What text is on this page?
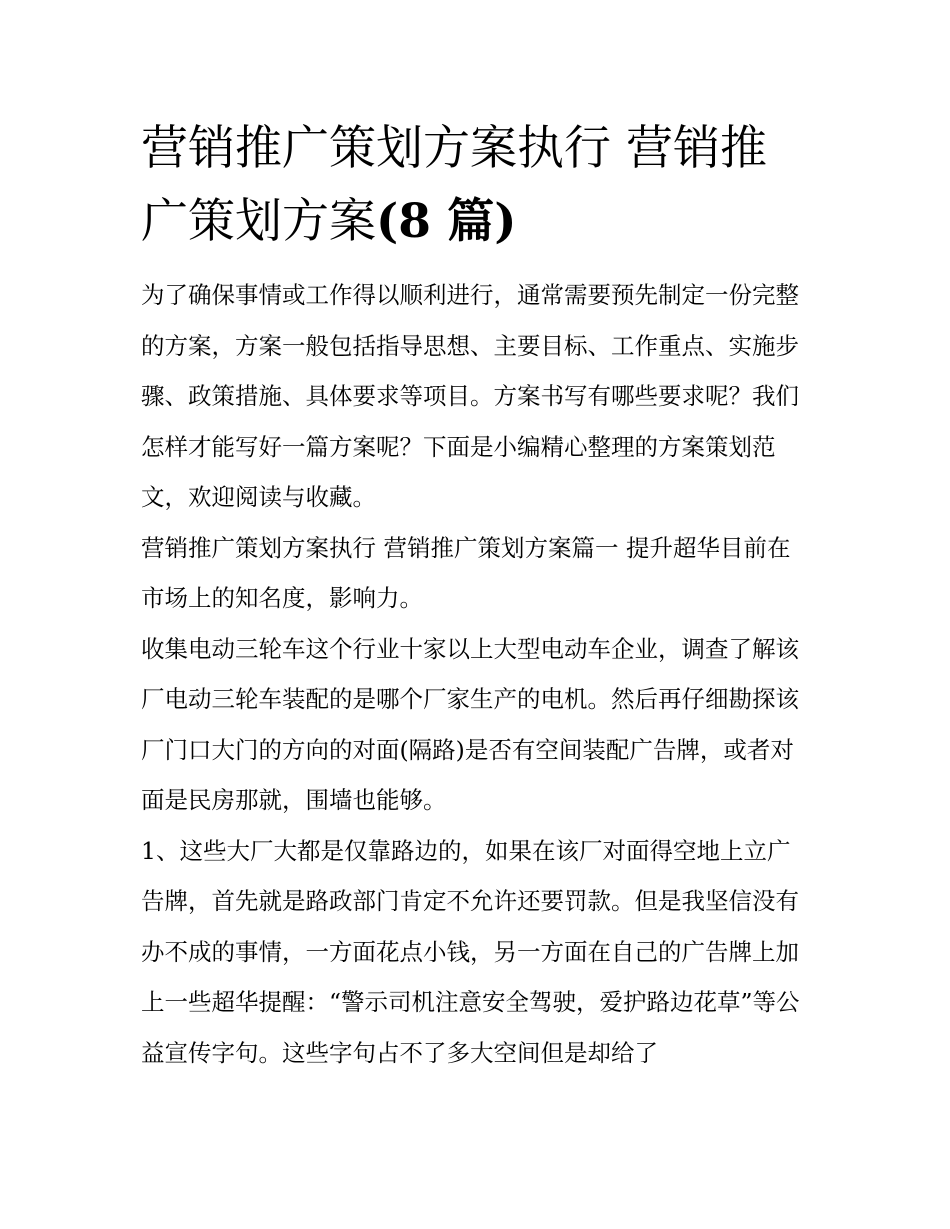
营销推广策划方案执行 营销推广策划方案(8 篇)

为了确保事情或工作得以顺利进行，通常需要预先制定一份完整的方案，方案一般包括指导思想、主要目标、工作重点、实施步骤、政策措施、具体要求等项目。方案书写有哪些要求呢？我们怎样才能写好一篇方案呢？下面是小编精心整理的方案策划范文，欢迎阅读与收藏。

营销推广策划方案执行 营销推广策划方案篇一 提升超华目前在市场上的知名度，影响力。

收集电动三轮车这个行业十家以上大型电动车企业，调查了解该厂电动三轮车装配的是哪个厂家生产的电机。然后再仔细勘探该厂门口大门的方向的对面(隔路)是否有空间装配广告牌，或者对面是民房那就，围墙也能够。

1、这些大厂大都是仅靠路边的，如果在该厂对面得空地上立广告牌，首先就是路政部门肯定不允许还要罚款。但是我坚信没有办不成的事情，一方面花点小钱，另一方面在自己的广告牌上加上一些超华提醒：“警示司机注意安全驾驶，爱护路边花草”等公益宣传字句。这些字句占不了多大空间但是却给了
